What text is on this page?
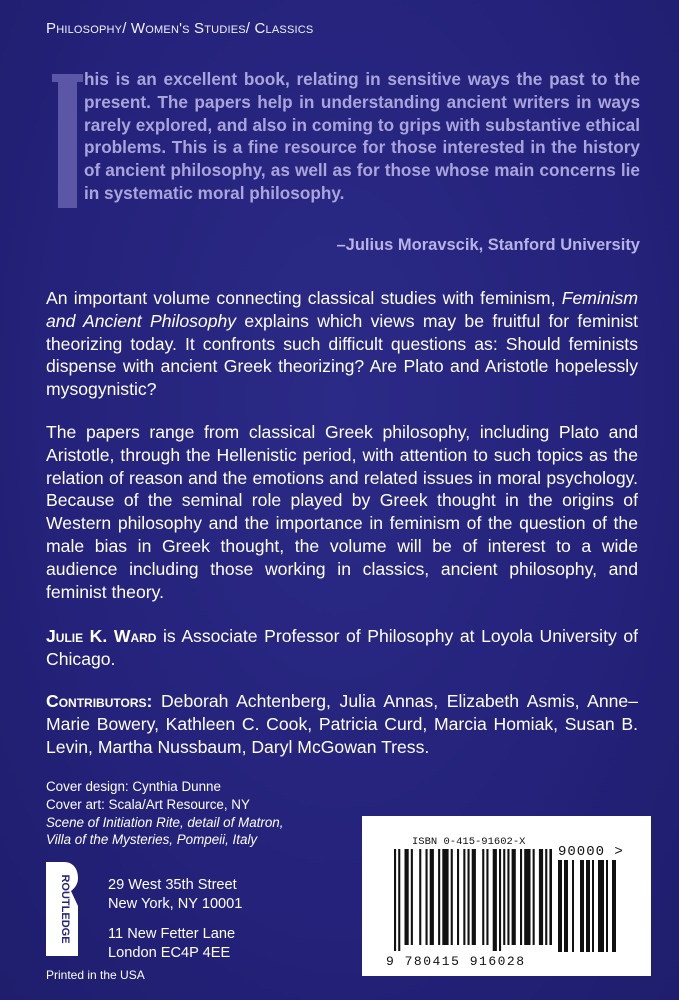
Philosophy/ Women's Studies/ Classics
his is an excellent book, relating in sensitive ways the past to the present. The papers help in understanding ancient writers in ways rarely explored, and also in coming to grips with substantive ethical problems. This is a fine resource for those interested in the history of ancient philosophy, as well as for those whose main concerns lie in systematic moral philosophy.
–Julius Moravscik, Stanford University
An important volume connecting classical studies with feminism, Feminism and Ancient Philosophy explains which views may be fruitful for feminist theorizing today. It confronts such difficult questions as: Should feminists dispense with ancient Greek theorizing? Are Plato and Aristotle hopelessly mysogynistic?
The papers range from classical Greek philosophy, including Plato and Aristotle, through the Hellenistic period, with attention to such topics as the relation of reason and the emotions and related issues in moral psychology. Because of the seminal role played by Greek thought in the origins of Western philosophy and the importance in feminism of the question of the male bias in Greek thought, the volume will be of interest to a wide audience including those working in classics, ancient philosophy, and feminist theory.
Julie K. Ward is Associate Professor of Philosophy at Loyola University of Chicago.
Contributors: Deborah Achtenberg, Julia Annas, Elizabeth Asmis, Anne–Marie Bowery, Kathleen C. Cook, Patricia Curd, Marcia Homiak, Susan B. Levin, Martha Nussbaum, Daryl McGowan Tress.
Cover design: Cynthia Dunne
Cover art: Scala/Art Resource, NY
Scene of Initiation Rite, detail of Matron,
Villa of the Mysteries, Pompeii, Italy
ROUTLEDGE	29 West 35th Street
New York, NY 10001
11 New Fetter Lane
London EC4P 4EE
Printed in the USA
ISBN 0-415-91602-X
90000 >
9 780415 916028
